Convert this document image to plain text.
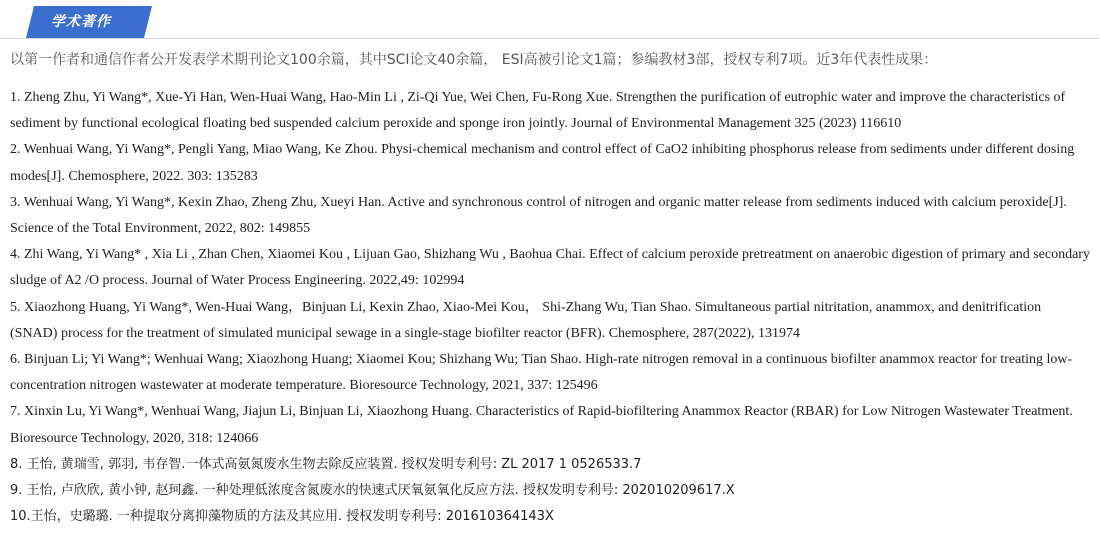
学术著作
以第一作者和通信作者公开发表学术期刊论文100余篇，其中SCI论文40余篇， ESI高被引论文1篇；参编教材3部，授权专利7项。近3年代表性成果：
1. Zheng Zhu, Yi Wang*, Xue-Yi Han, Wen-Huai Wang, Hao-Min Li , Zi-Qi Yue, Wei Chen, Fu-Rong Xue. Strengthen the purification of eutrophic water and improve the characteristics of sediment by functional ecological floating bed suspended calcium peroxide and sponge iron jointly. Journal of Environmental Management 325 (2023) 116610
2. Wenhuai Wang, Yi Wang*, Pengli Yang, Miao Wang, Ke Zhou. Physi-chemical mechanism and control effect of CaO2 inhibiting phosphorus release from sediments under different dosing modes[J]. Chemosphere, 2022. 303: 135283
3. Wenhuai Wang, Yi Wang*, Kexin Zhao, Zheng Zhu, Xueyi Han. Active and synchronous control of nitrogen and organic matter release from sediments induced with calcium peroxide[J]. Science of the Total Environment, 2022, 802: 149855
4. Zhi Wang, Yi Wang* , Xia Li , Zhan Chen, Xiaomei Kou , Lijuan Gao, Shizhang Wu , Baohua Chai. Effect of calcium peroxide pretreatment on anaerobic digestion of primary and secondary sludge of A2 /O process. Journal of Water Process Engineering. 2022,49: 102994
5. Xiaozhong Huang, Yi Wang*, Wen-Huai Wang，Binjuan Li, Kexin Zhao, Xiao-Mei Kou， Shi-Zhang Wu, Tian Shao. Simultaneous partial nitritation, anammox, and denitrification (SNAD) process for the treatment of simulated municipal sewage in a single-stage biofilter reactor (BFR). Chemosphere, 287(2022), 131974
6. Binjuan Li; Yi Wang*; Wenhuai Wang; Xiaozhong Huang; Xiaomei Kou; Shizhang Wu; Tian Shao. High-rate nitrogen removal in a continuous biofilter anammox reactor for treating low-concentration nitrogen wastewater at moderate temperature. Bioresource Technology, 2021, 337: 125496
7. Xinxin Lu, Yi Wang*, Wenhuai Wang, Jiajun Li, Binjuan Li, Xiaozhong Huang. Characteristics of Rapid-biofiltering Anammox Reactor (RBAR) for Low Nitrogen Wastewater Treatment. Bioresource Technology, 2020, 318: 124066
8. 王怡, 黄瑞雪, 郭羽, 韦存智.一体式高氨氮废水生物去除反应装置. 授权发明专利号: ZL 2017 1 0526533.7
9. 王怡, 卢欣欣, 黄小钟, 赵珂鑫. 一种处理低浓度含氮废水的快速式厌氧氨氧化反应方法. 授权发明专利号: 202010209617.X
10.王怡，史璐璐. 一种提取分离抑藻物质的方法及其应用. 授权发明专利号: 201610364143X
